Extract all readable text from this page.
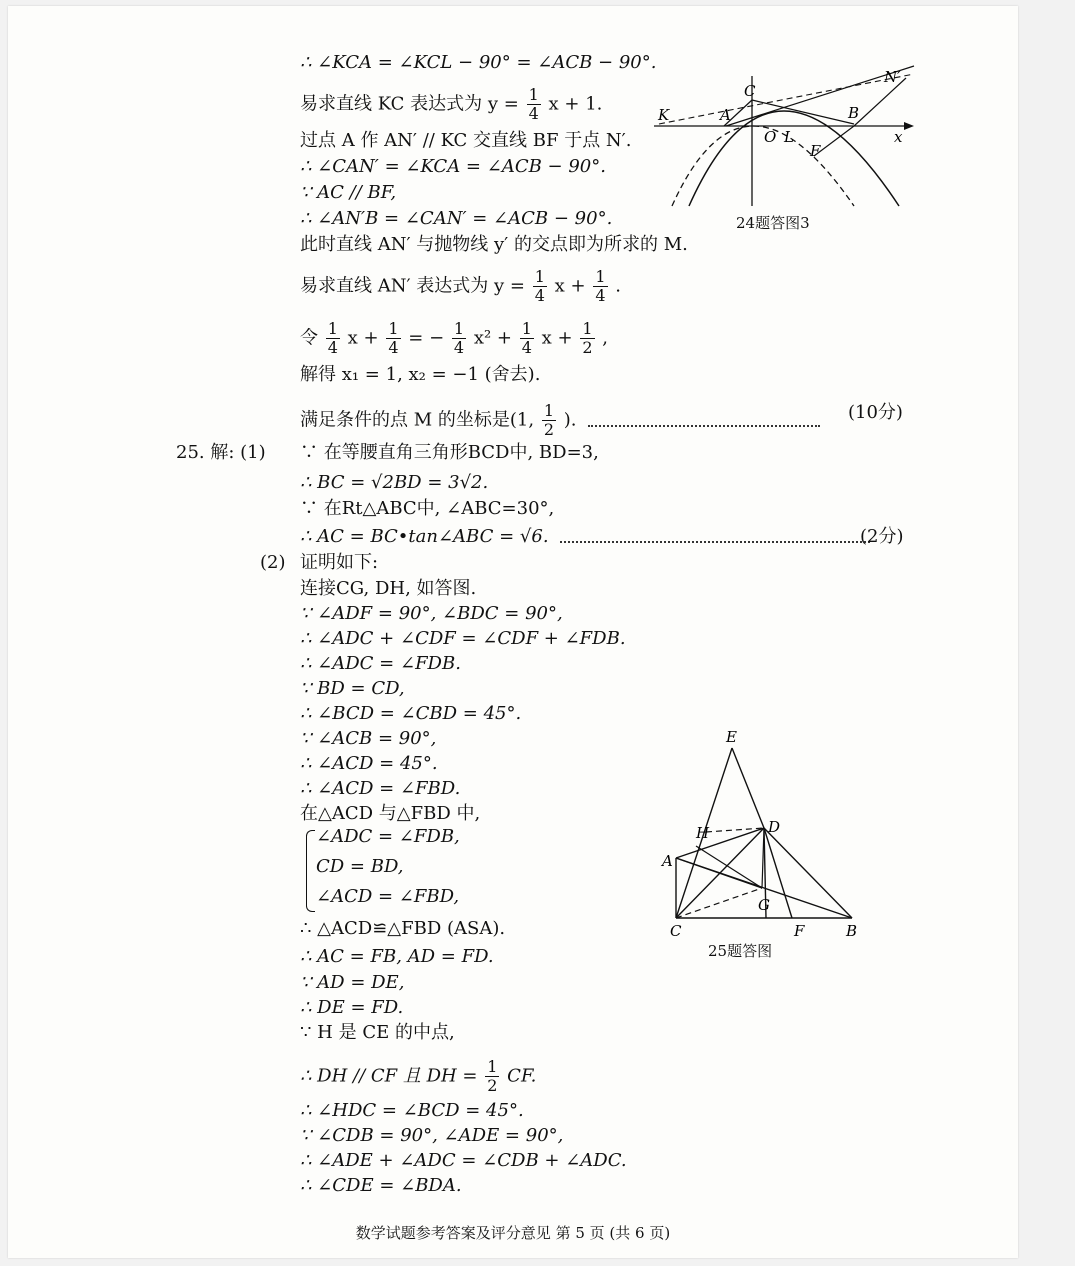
∴ ∠KCA = ∠KCL − 90° = ∠ACB − 90°.
易求直线 KC 表达式为 $y = \frac{1}{4}$ x + 1.
过点 A 作 AN′ // KC 交直线 BF 于点 N′.
∴ ∠CAN′ = ∠KCA = ∠ACB − 90°.
∵ AC // BF,
∴ ∠AN′B = ∠CAN′ = ∠ACB − 90°.
此时直线 AN′ 与抛物线 y′ 的交点即为所求的 M.
易求直线 AN′ 表达式为 $y = \frac{1}{4}$ $x + \frac{1}{4}$ .
令 $\frac{1}{4}$ $x + \frac{1}{4}$ = − $\frac{1}{4} x^2 + \frac{1}{4}$ $x + \frac{1}{2}$ ,
解得 x₁ = 1, x₂ = −1 (舍去).
满足条件的点 M 的坐标是(1, $\frac{1}{2}$ ).	(10分)
C
N′
K	A
O L
B
x
F
24题答图3
25. 解: (1) ∵ 在等腰直角三角形BCD中, BD=3,
∴ BC = √2BD = 3√2.
∵ 在Rt△ABC中, ∠ABC=30°,
∴ AC = BC•tan∠ABC = √6.	(2分)
(2) 证明如下:
连接CG, DH, 如答图.
∵ ∠ADF = 90°, ∠BDC = 90°,
∴ ∠ADC + ∠CDF = ∠CDF + ∠FDB.
∴ ∠ADC = ∠FDB.
∵ BD = CD,
∴ ∠BCD = ∠CBD = 45°.
∵ ∠ACB = 90°,
∴ ∠ACD = 45°.
∴ ∠ACD = ∠FBD.
在△ACD 与△FBD 中,
∠ADC = ∠FDB,
CD = BD,
∠ACD = ∠FBD,
∴ △ACD≌△FBD (ASA).
∴ AC = FB, AD = FD.
∵ AD = DE,
∴ DE = FD.
∵ H 是 CE 的中点,
∴ DH // CF 且 DH = $\frac{1}{2}$ CF.
∴ ∠HDC = ∠BCD = 45°.
∵ ∠CDB = 90°, ∠ADE = 90°,
∴ ∠ADE + ∠ADC = ∠CDB + ∠ADC.
∴ ∠CDE = ∠BDA.
E
H	D
A
G
C	F	B
25题答图
数学试题参考答案及评分意见 第 5 页 (共 6 页)
